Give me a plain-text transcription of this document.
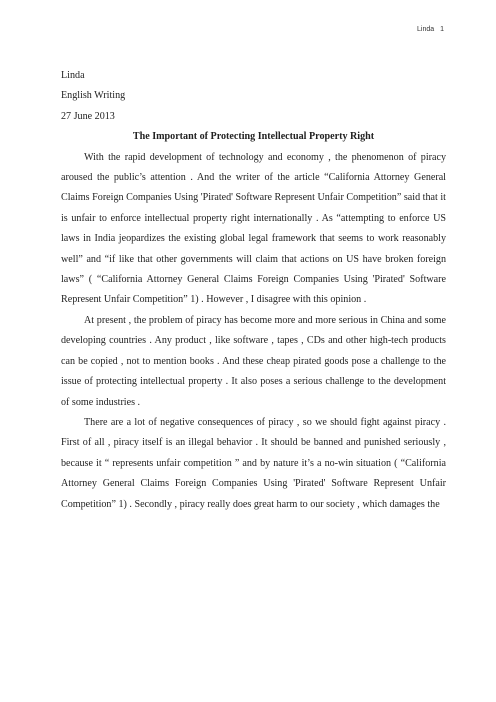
Linda 1
Linda
English Writing
27 June 2013
The Important of Protecting Intellectual Property Right

With the rapid development of technology and economy , the phenomenon of piracy aroused the public’s attention . And the writer of the article “California Attorney General Claims Foreign Companies Using 'Pirated' Software Represent Unfair Competition” said that it is unfair to enforce intellectual property right internationally . As “attempting to enforce US laws in India jeopardizes the existing global legal framework that seems to work reasonably well” and “if like that other governments will claim that actions on US have broken foreign laws” ( “California Attorney General Claims Foreign Companies Using 'Pirated' Software Represent Unfair Competition” 1) . However , I disagree with this opinion .

At present , the problem of piracy has become more and more serious in China and some developing countries . Any product , like software , tapes , CDs and other high-tech products can be copied , not to mention books . And these cheap pirated goods pose a challenge to the issue of protecting intellectual property . It also poses a serious challenge to the development of some industries .

There are a lot of negative consequences of piracy , so we should fight against piracy . First of all , piracy itself is an illegal behavior . It should be banned and punished seriously , because it “ represents unfair competition ” and by nature it’s a no-win situation ( “California Attorney General Claims Foreign Companies Using 'Pirated' Software Represent Unfair Competition” 1) . Secondly , piracy really does great harm to our society , which damages the
